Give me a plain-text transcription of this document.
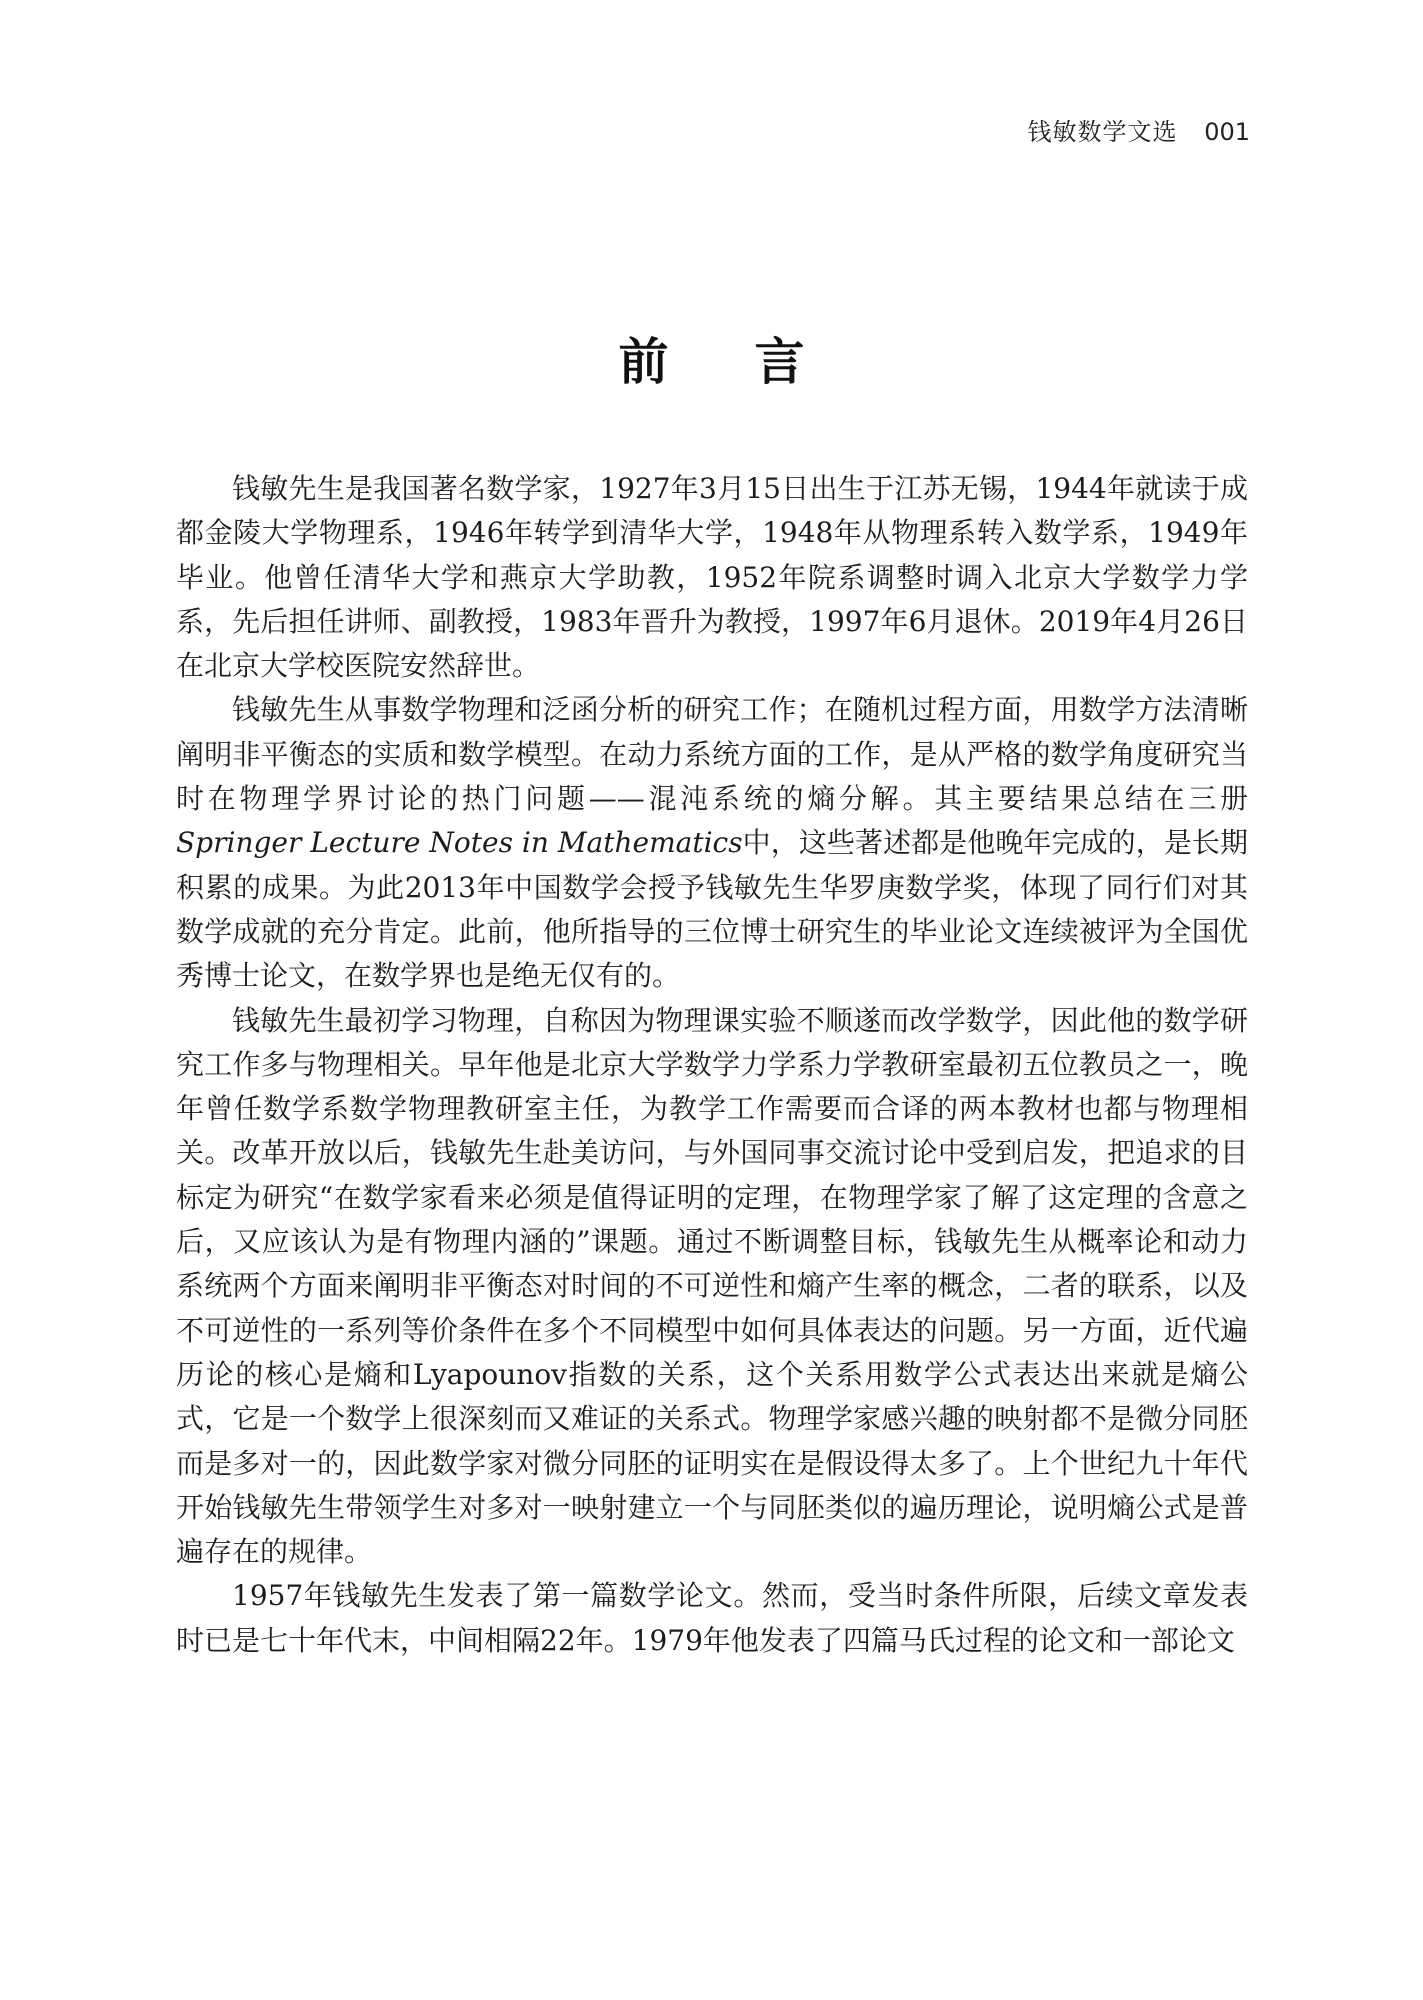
钱敏数学文选 001
前言

钱敏先生是我国著名数学家，1927年3月15日出生于江苏无锡，1944年就读于成都金陵大学物理系，1946年转学到清华大学，1948年从物理系转入数学系，1949年毕业。他曾任清华大学和燕京大学助教，1952年院系调整时调入北京大学数学力学系，先后担任讲师、副教授，1983年晋升为教授，1997年6月退休。2019年4月26日在北京大学校医院安然辞世。

钱敏先生从事数学物理和泛函分析的研究工作；在随机过程方面，用数学方法清晰阐明非平衡态的实质和数学模型。在动力系统方面的工作，是从严格的数学角度研究当时在物理学界讨论的热门问题——混沌系统的熵分解。其主要结果总结在三册Springer Lecture Notes in Mathematics中，这些著述都是他晚年完成的，是长期积累的成果。为此2013年中国数学会授予钱敏先生华罗庚数学奖，体现了同行们对其数学成就的充分肯定。此前，他所指导的三位博士研究生的毕业论文连续被评为全国优秀博士论文，在数学界也是绝无仅有的。

钱敏先生最初学习物理，自称因为物理课实验不顺遂而改学数学，因此他的数学研究工作多与物理相关。早年他是北京大学数学力学系力学教研室最初五位教员之一，晚年曾任数学系数学物理教研室主任，为教学工作需要而合译的两本教材也都与物理相关。改革开放以后，钱敏先生赴美访问，与外国同事交流讨论中受到启发，把追求的目标定为研究“在数学家看来必须是值得证明的定理，在物理学家了解了这定理的含意之后，又应该认为是有物理内涵的”课题。通过不断调整目标，钱敏先生从概率论和动力系统两个方面来阐明非平衡态对时间的不可逆性和熵产生率的概念，二者的联系，以及不可逆性的一系列等价条件在多个不同模型中如何具体表达的问题。另一方面，近代遍历论的核心是熵和Lyapounov指数的关系，这个关系用数学公式表达出来就是熵公式，它是一个数学上很深刻而又难证的关系式。物理学家感兴趣的映射都不是微分同胚而是多对一的，因此数学家对微分同胚的证明实在是假设得太多了。上个世纪九十年代开始钱敏先生带领学生对多对一映射建立一个与同胚类似的遍历理论，说明熵公式是普遍存在的规律。

1957年钱敏先生发表了第一篇数学论文。然而，受当时条件所限，后续文章发表时已是七十年代末，中间相隔22年。1979年他发表了四篇马氏过程的论文和一部论文
